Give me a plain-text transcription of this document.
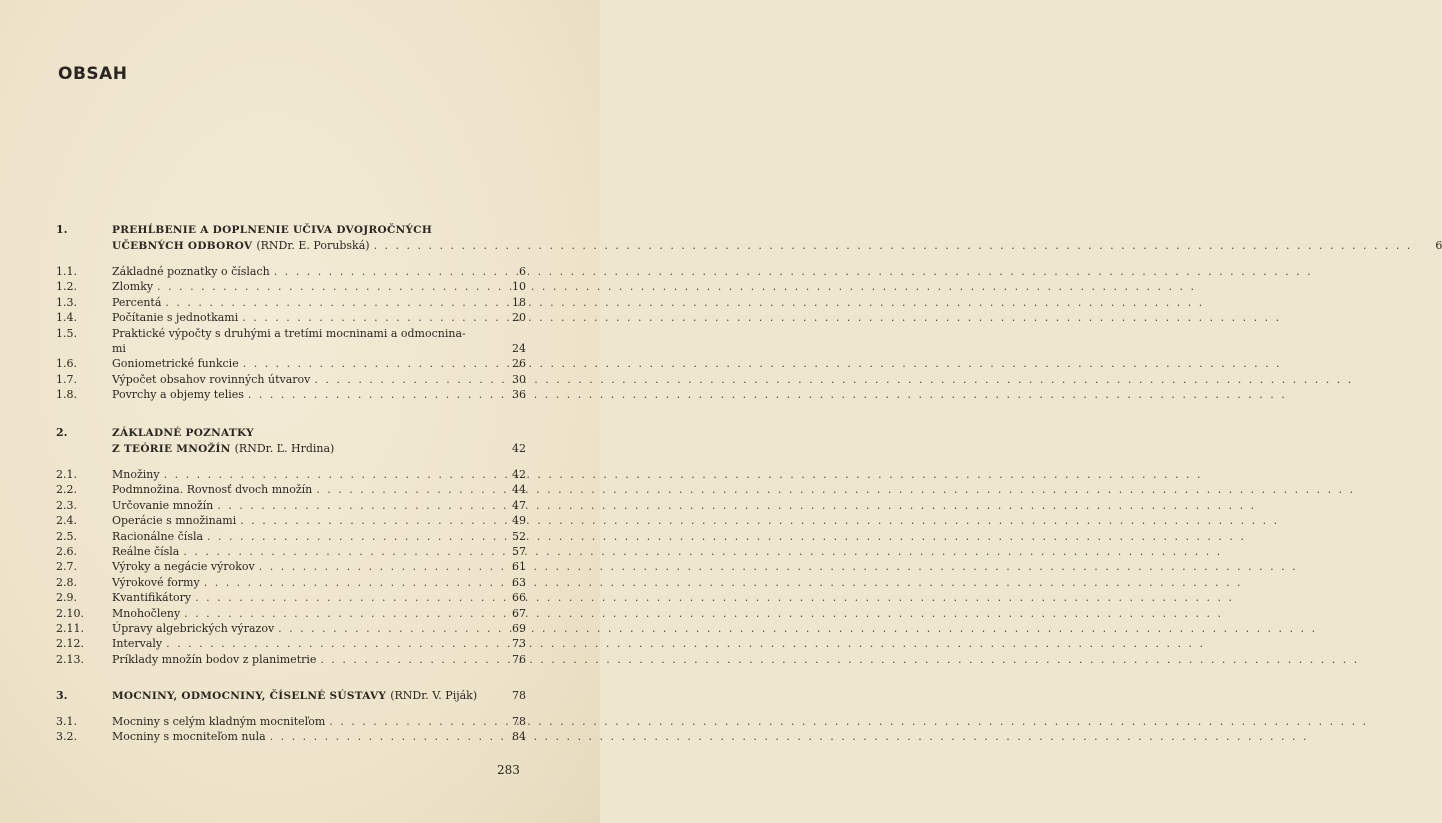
OBSAH
1.	PREHĹBENIE A DOPLNENIE UČIVA DVOJROČNÝCH
UČEBNÝCH ODBOROV (RNDr. E. Porubská) . . .	6
1.1.	Základné poznatky o číslach . . .	6
1.2.	Zlomky . . .	10
1.3.	Percentá . . .	18
1.4.	Počítanie s jednotkami . . .	20
1.5.	Praktické výpočty s druhými a tretími mocninami a odmocnina-
mi	24
1.6.	Goniometrické funkcie . . .	26
1.7.	Výpočet obsahov rovinných útvarov . . .	30
1.8.	Povrchy a objemy telies . . .	36
2.	ZÁKLADNÉ POZNATKY
Z TEÓRIE MNOŽÍN (RNDr. Ľ. Hrdina)	42
2.1.	Množiny . . .	42
2.2.	Podmnožina. Rovnosť dvoch množín . . .	44
2.3.	Určovanie množín . . .	47
2.4.	Operácie s množinami . . .	49
2.5.	Racionálne čísla . . .	52
2.6.	Reálne čísla . . .	57
2.7.	Výroky a negácie výrokov . . .	61
2.8.	Výrokové formy . . .	63
2.9.	Kvantifikátory . . .	66
2.10.	Mnohočleny . . .	67
2.11.	Úpravy algebrických výrazov . . .	69
2.12.	Intervaly . . .	73
2.13.	Príklady množín bodov z planimetrie . . .	76
3.	MOCNINY, ODMOCNINY, ČÍSELNÉ SÚSTAVY (RNDr. V. Piják)	78
3.1.	Mocniny s celým kladným mocniteľom . . .	78
3.2.	Mocniny s mocniteľom nula . . .	84
283
